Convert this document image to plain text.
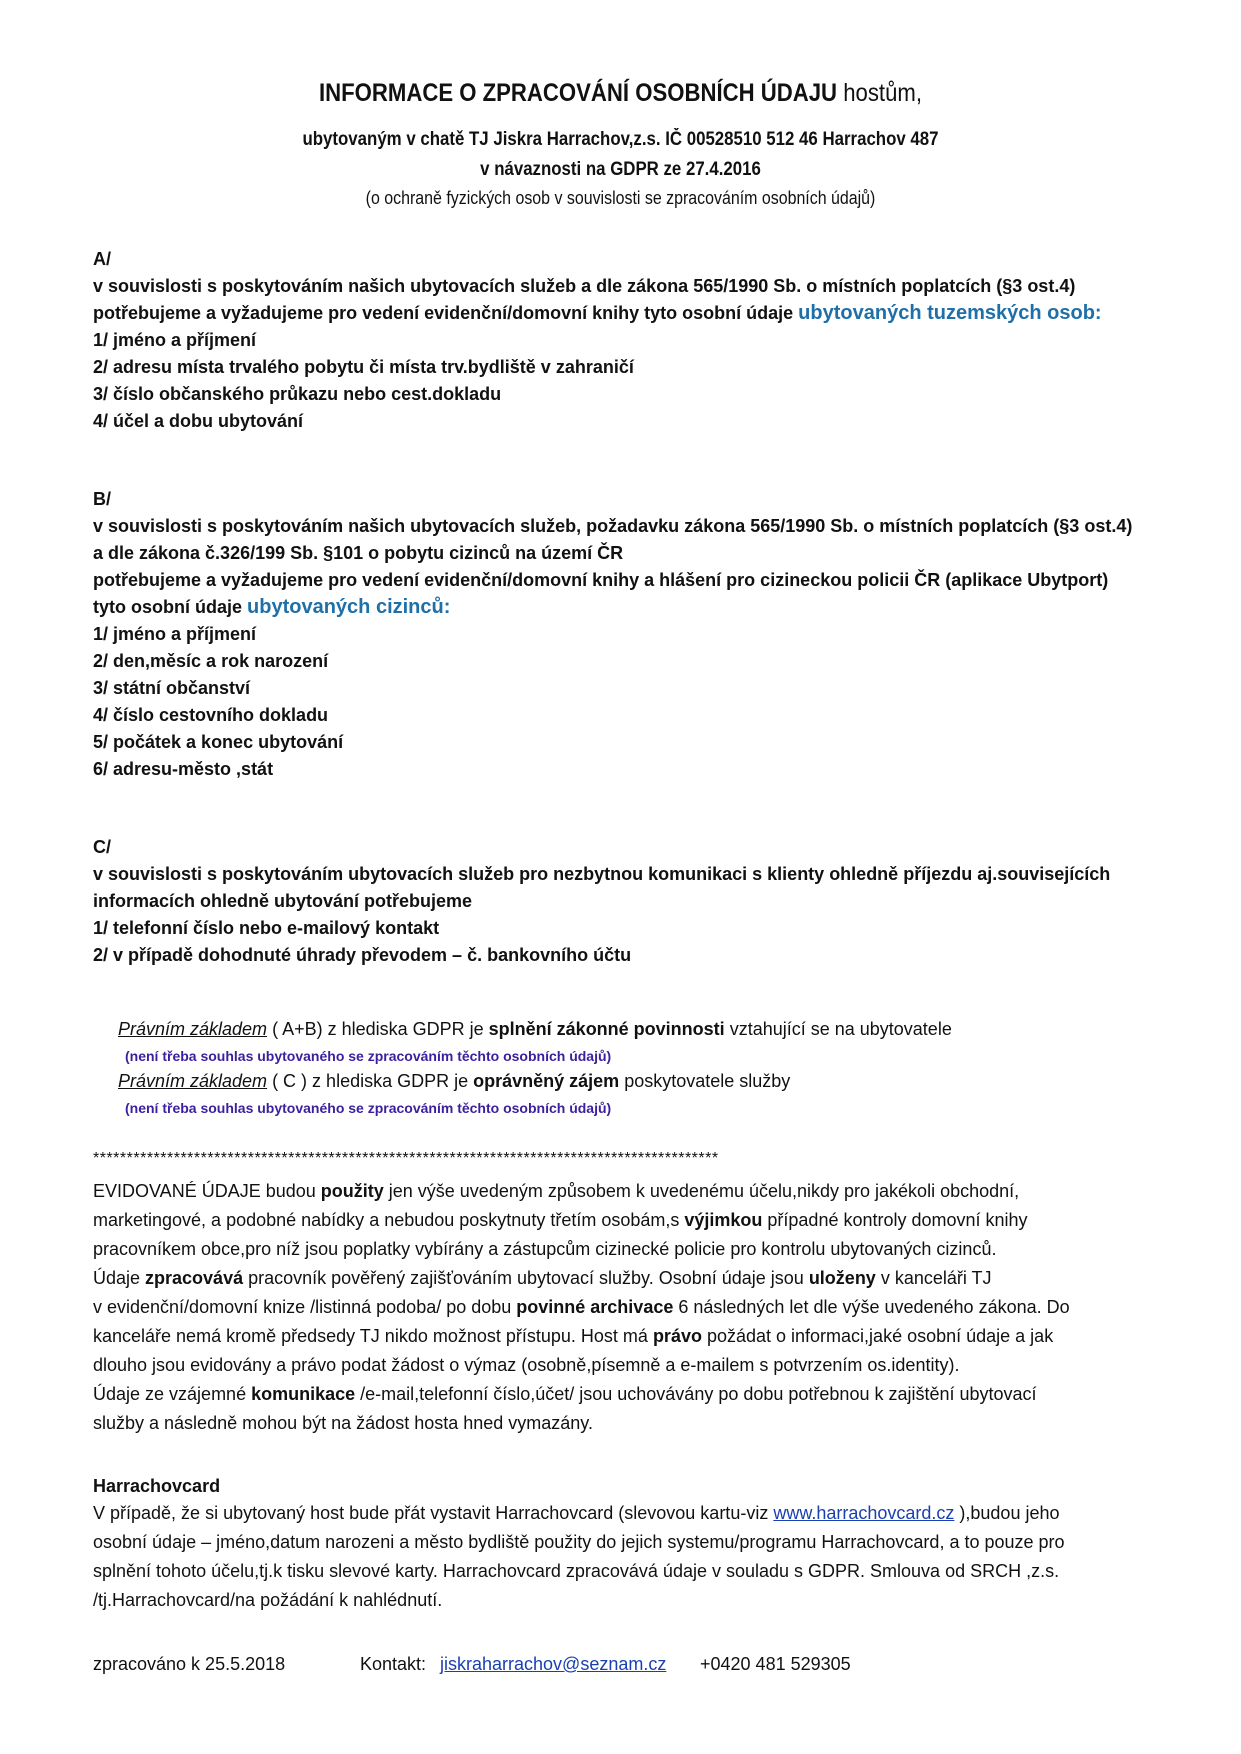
INFORMACE O ZPRACOVÁNÍ OSOBNÍCH ÚDAJU hostům,
ubytovaným v chatě TJ Jiskra Harrachov,z.s. IČ 00528510 512 46 Harrachov 487
v návaznosti na GDPR ze 27.4.2016
(o ochraně fyzických osob v souvislosti se zpracováním osobních údajů)
A/
v souvislosti s poskytováním našich ubytovacích služeb a dle zákona 565/1990 Sb. o místních poplatcích (§3 ost.4)
potřebujeme a vyžadujeme pro vedení evidenční/domovní knihy tyto osobní údaje ubytovaných tuzemských osob:
1/ jméno a příjmení
2/ adresu místa trvalého pobytu či místa trv.bydliště v zahraničí
3/ číslo občanského průkazu nebo cest.dokladu
4/ účel a dobu ubytování
B/
v souvislosti s poskytováním našich ubytovacích služeb, požadavku zákona 565/1990 Sb. o místních poplatcích (§3 ost.4)
a dle zákona č.326/199 Sb. §101 o pobytu cizinců na území ČR
potřebujeme a vyžadujeme pro vedení evidenční/domovní knihy a hlášení pro cizineckou policii ČR (aplikace Ubytport)
tyto osobní údaje ubytovaných cizinců:
1/ jméno a příjmení
2/ den,měsíc a rok narození
3/ státní občanství
4/ číslo cestovního dokladu
5/ počátek a konec ubytování
6/ adresu-město ,stát
C/
v souvislosti s poskytováním ubytovacích služeb pro nezbytnou komunikaci s klienty ohledně příjezdu aj.souvisejících
informacích ohledně ubytování potřebujeme
1/ telefonní číslo nebo e-mailový kontakt
2/ v případě dohodnuté úhrady převodem – č. bankovního účtu
Právním základem ( A+B) z hlediska GDPR je splnění zákonné povinnosti vztahující se na ubytovatele
(není třeba souhlas ubytovaného se zpracováním těchto osobních údajů)
Právním základem ( C ) z hlediska GDPR je oprávněný zájem poskytovatele služby
(není třeba souhlas ubytovaného se zpracováním těchto osobních údajů)
*********************************************************************************************
EVIDOVANÉ ÚDAJE budou použity jen výše uvedeným způsobem k uvedenému účelu,nikdy pro jakékoli obchodní,
marketingové, a podobné nabídky a nebudou poskytnuty třetím osobám,s výjimkou případné kontroly domovní knihy
pracovníkem obce,pro níž jsou poplatky vybírány a zástupcům cizinecké policie pro kontrolu ubytovaných cizinců.
Údaje zpracovává pracovník pověřený zajišťováním ubytovací služby. Osobní údaje jsou uloženy v kanceláři TJ
v evidenční/domovní knize /listinná podoba/ po dobu povinné archivace 6 následných let dle výše uvedeného zákona. Do
kanceláře nemá kromě předsedy TJ nikdo možnost přístupu. Host má právo požádat o informaci,jaké osobní údaje a jak
dlouho jsou evidovány a právo podat žádost o výmaz (osobně,písemně a e-mailem s potvrzením os.identity).
Údaje ze vzájemné komunikace /e-mail,telefonní číslo,účet/ jsou uchovávány po dobu potřebnou k zajištění ubytovací
služby a následně mohou být na žádost hosta hned vymazány.
Harrachovcard
V případě, že si ubytovaný host bude přát vystavit Harrachovcard (slevovou kartu-viz www.harrachovcard.cz ),budou jeho
osobní údaje – jméno,datum narozeni a město bydliště použity do jejich systemu/programu Harrachovcard, a to pouze pro
splnění tohoto účelu,tj.k tisku slevové karty. Harrachovcard zpracovává údaje v souladu s GDPR. Smlouva od SRCH ,z.s.
/tj.Harrachovcard/na požádání k nahlédnutí.
zpracováno k 25.5.2018	Kontakt: jiskraharrachov@seznam.cz +0420 481 529305
